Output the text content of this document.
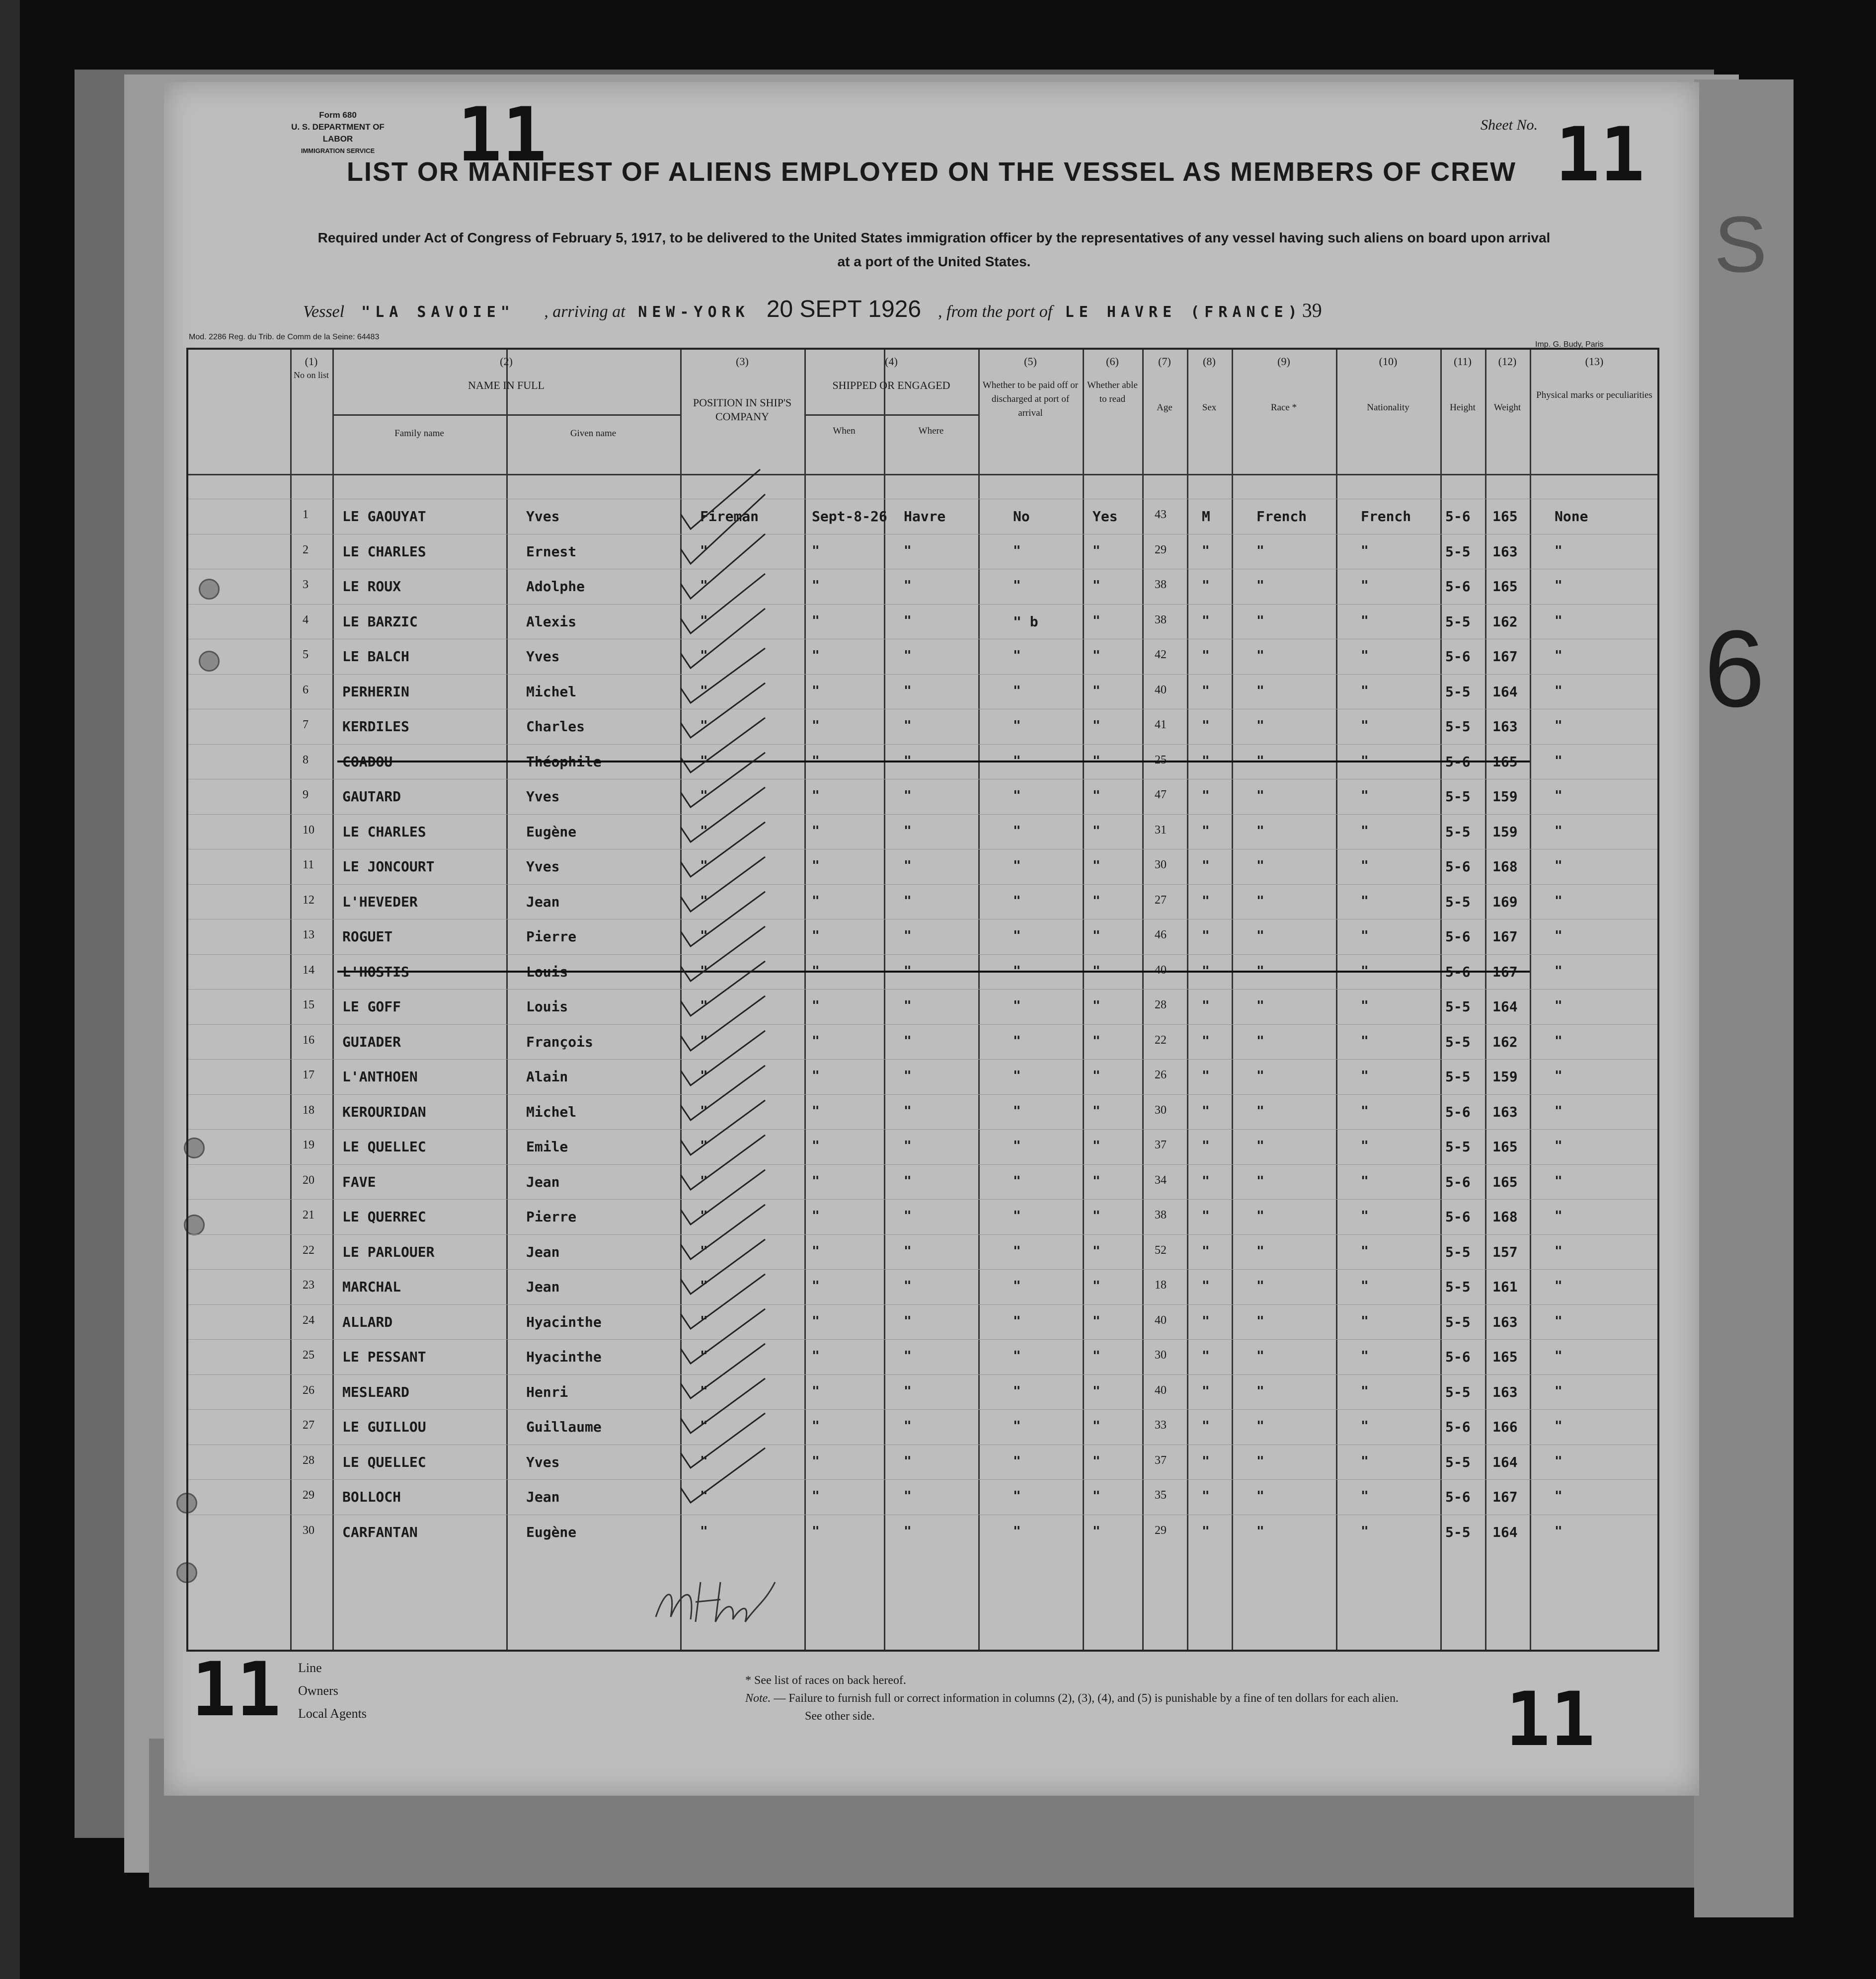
S
6
Form 680
U. S. DEPARTMENT OF LABOR
IMMIGRATION SERVICE 11	Sheet No. 11
LIST OR MANIFEST OF ALIENS EMPLOYED ON THE VESSEL AS MEMBERS OF CREW
Required under Act of Congress of February 5, 1917, to be delivered to the United States immigration officer by the representatives of any vessel having such aliens on board upon arrival at a port of the United States.
Vessel "LA SAVOIE" , arriving at NEW-YORK 20 SEPT 1926 , from the port of LE HAVRE (FRANCE)39
Mod. 2286 Reg. du Trib. de Comm de la Seine: 64483
Imp. G. Budy, Paris
(1)
No on list
(2)
NAME IN FULL
Family name	Given name
(3)
POSITION IN SHIP'S COMPANY
(4)
SHIPPED OR ENGAGED
When	Where
(5)
Whether to be paid off or discharged at port of arrival
(6)
Whether able to read
(7)
Age
(8)
Sex
(9)
Race *
(10)
Nationality
(11)
Height
(12)
Weight
(13)
Physical marks or peculiarities
1 LE GAOUYAT	Yves	Fireman	Sept-8-26 Havre	No	Yes	43	M	French	French 5-6 165	None
2 LE CHARLES	Ernest	"	"	"	"	"	29	"	"	"	5-5 163	"
3 LE ROUX	Adolphe	"	"	"	"	"	38	"	"	"	5-6 165	"
4 LE BARZIC	Alexis	"	"	"	" b	"	38	"	"	"	5-5 162	"
5 LE BALCH	Yves	"	"	"	"	"	42	"	"	"	5-6 167	"
6 PERHERIN	Michel	"	"	"	"	"	40	"	"	"	5-5 164	"
7 KERDILES	Charles	"	"	"	"	"	41	"	"	"	5-5 163	"
8 COADOU	Théophile	"	"	"	"	"	25	"	"	"	5-6 165	"
9 GAUTARD	Yves	"	"	"	"	"	47	"	"	"	5-5 159	"
10 LE CHARLES	Eugène	"	"	"	"	"	31	"	"	"	5-5 159	"
11 LE JONCOURT	Yves	"	"	"	"	"	30	"	"	"	5-6 168	"
12 L'HEVEDER	Jean	"	"	"	"	"	27	"	"	"	5-5 169	"
13 ROGUET	Pierre	"	"	"	"	"	46	"	"	"	5-6 167	"
14 L'HOSTIS	Louis	"	"	"	"	"	40	"	"	"	5-6 167	"
15 LE GOFF	Louis	"	"	"	"	"	28	"	"	"	5-5 164	"
16 GUIADER	François	"	"	"	"	"	22	"	"	"	5-5 162	"
17 L'ANTHOEN	Alain	"	"	"	"	"	26	"	"	"	5-5 159	"
18 KEROURIDAN	Michel	"	"	"	"	"	30	"	"	"	5-6 163	"
19 LE QUELLEC	Emile	"	"	"	"	"	37	"	"	"	5-5 165	"
20 FAVE	Jean	"	"	"	"	"	34	"	"	"	5-6 165	"
21 LE QUERREC	Pierre	"	"	"	"	"	38	"	"	"	5-6 168	"
22 LE PARLOUER	Jean	"	"	"	"	"	52	"	"	"	5-5 157	"
23 MARCHAL	Jean	"	"	"	"	"	18	"	"	"	5-5 161	"
24 ALLARD	Hyacinthe	"	"	"	"	"	40	"	"	"	5-5 163	"
25 LE PESSANT	Hyacinthe	"	"	"	"	"	30	"	"	"	5-6 165	"
26 MESLEARD	Henri	"	"	"	"	"	40	"	"	"	5-5 163	"
27 LE GUILLOU	Guillaume	"	"	"	"	"	33	"	"	"	5-6 166	"
28 LE QUELLEC	Yves	"	"	"	"	"	37	"	"	"	5-5 164	"
29 BOLLOCH	Jean	"	"	"	"	"	35	"	"	"	5-6 167	"
30 CARFANTAN	Eugène	"	"	"	"	"	29	"	"	"	5-5 164	"
11	11
Line
Owners
Local Agents
* See list of races on back hereof.
Note. — Failure to furnish full or correct information in columns (2), (3), (4), and (5) is punishable by a fine of ten dollars for each alien.
See other side.
